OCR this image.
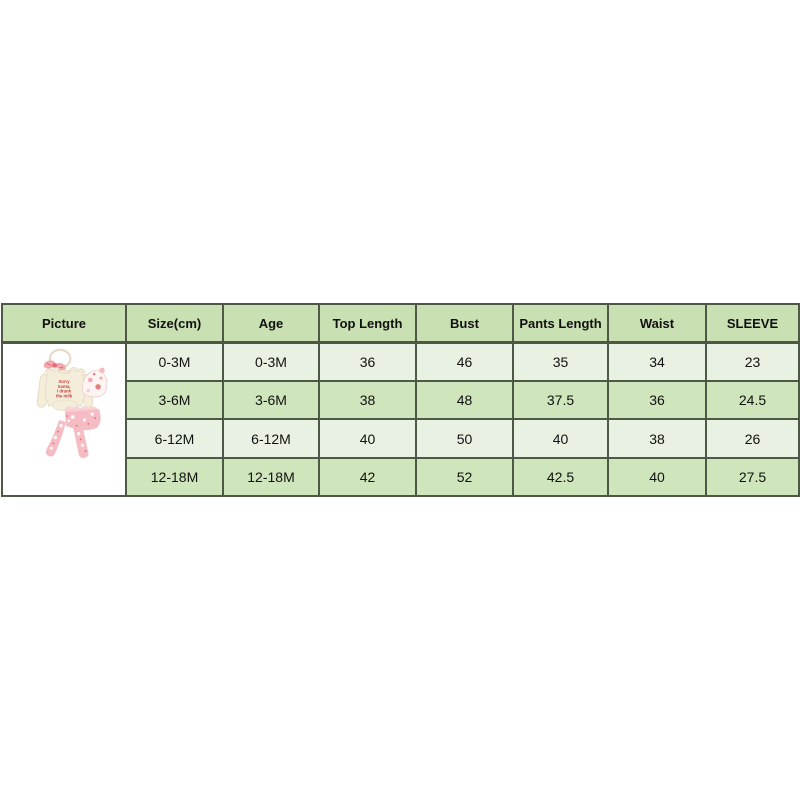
Picture	Size(cm)	Age	Top Length	Bust	Pants Length	Waist	SLEEVE

Sorry
Santa,
I drank
the milk	0-3M	0-3M	36	46	35	34	23
	3-6M	3-6M	38	48	37.5	36	24.5
	6-12M	6-12M	40	50	40	38	26
	12-18M	12-18M	42	52	42.5	40	27.5
